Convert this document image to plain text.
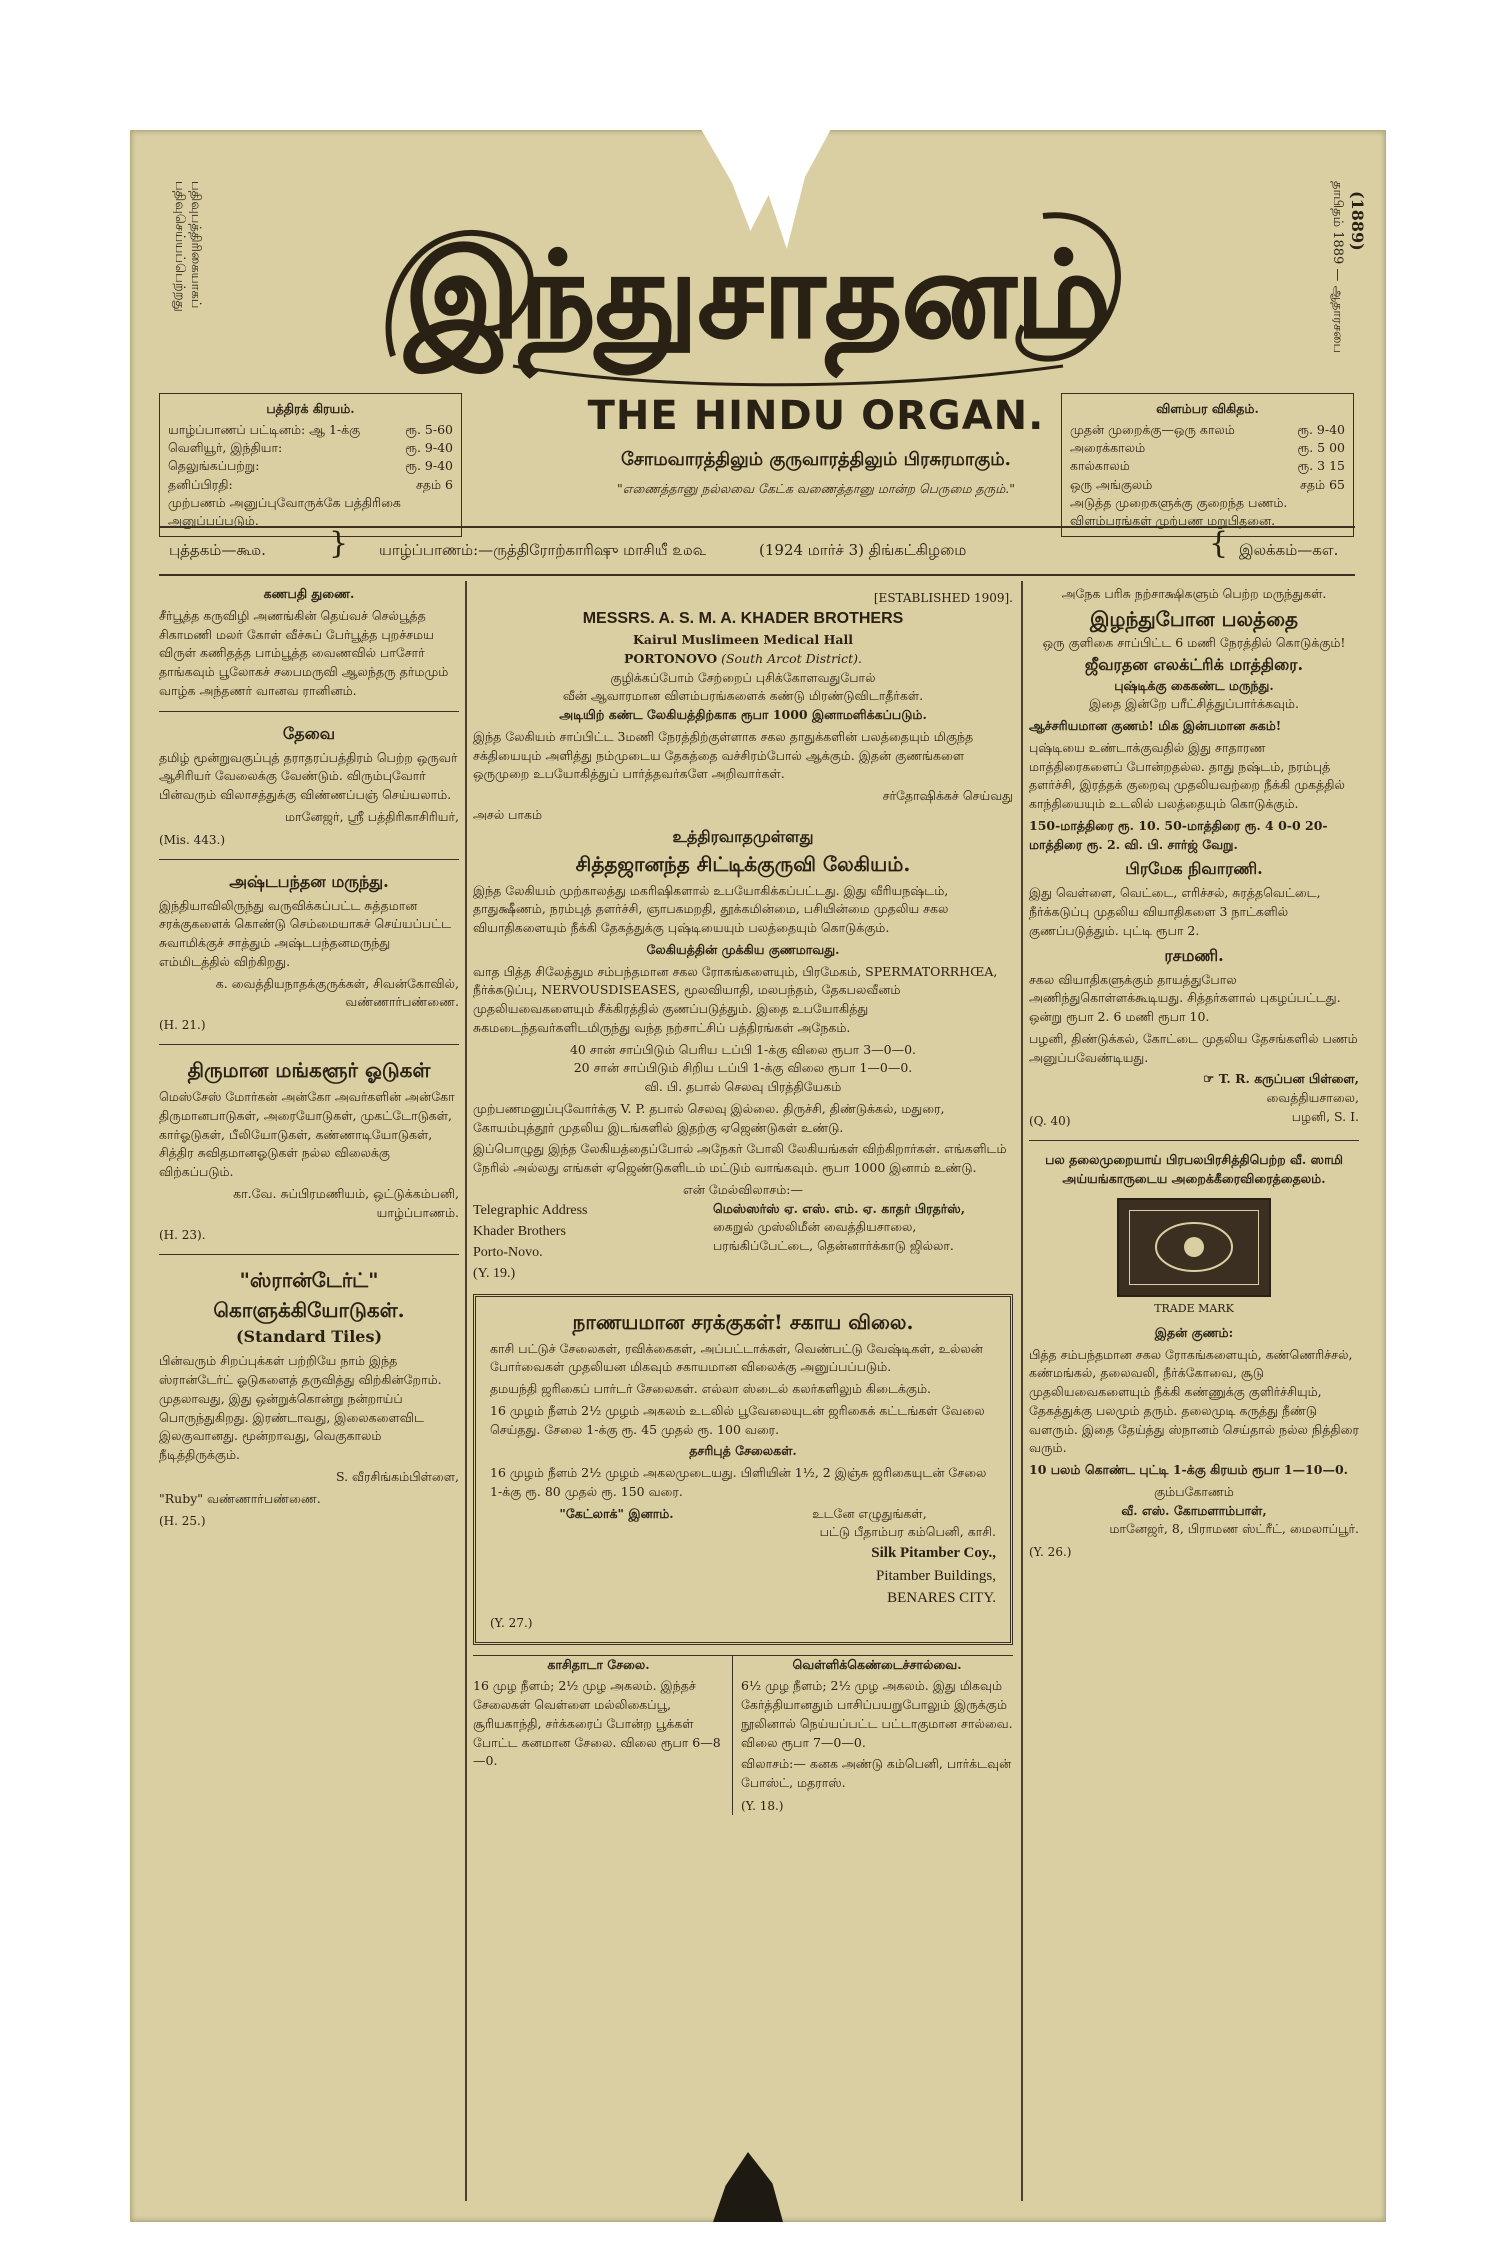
பதிவுபத்திரிகையாகப் பதிவுசெய்யப்பெற்றது	தாபிதம் 1889 — ஆதாரசபை (1889)
இந்துசாதனம்
பத்திரக் கிரயம்.
யாழ்ப்பாணப் பட்டினம்: ஆ 1-க்கு	ரூ. 5-60
வெளியூர், இந்தியா:	ரூ. 9-40
தெலுங்கப்பற்று:	ரூ. 9-40
தனிப்பிரதி:	சதம் 6
முற்பணம் அனுப்புவோருக்கே பத்திரிகை அனுப்பப்படும்.
THE HINDU ORGAN.
சோமவாரத்திலும் குருவாரத்திலும் பிரசுரமாகும்.
"எணைத்தானு நல்லவை கேட்க வணைத்தானு மான்ற பெருமை தரும்."
விளம்பர விகிதம்.
முதன் முறைக்கு—ஒரு காலம்	ரூ. 9-40
அரைக்காலம்	ரூ. 5 00
கால்காலம்	ரூ. 3 15
ஒரு அங்குலம்	சதம் 65
அடுத்த முறைகளுக்கு குறைந்த பணம். விளம்பரங்கள் முற்பண மறுபிதனை.
புத்தகம்—கூ௰. } யாழ்ப்பாணம்:—ருத்திரோற்காரிஷு மாசியீ ௨௰௳	(1924 மார்ச் 3) திங்கட்கிழமை	{ இலக்கம்—கஎ.
கணபதி துணை.

சீர்பூத்த கருவிழி அணங்கின் தெய்வச் செல்பூத்த சிகாமணி மலர் கோள் வீச்சுப் பேர்பூத்த புறச்சமய விருள் கணிதத்த பாம்பூத்த வைணவில் பாசோர் தாங்கவும் பூலோகச் சபைமருவி ஆலந்தரு தர்மமும் வாழ்க அந்தணர் வானவ ரானினம்.

தேவை

தமிழ் மூன்றுவகுப்புத் தராதரப்பத்திரம் பெற்ற ஒருவர் ஆசிரியர் வேலைக்கு வேண்டும். விரும்புவோர் பின்வரும் விலாசத்துக்கு விண்ணப்பஞ் செய்யலாம்.

மானேஜர், ஸ்ரீ பத்திரிகாசிரியர்,

(Mis. 443.)
அஷ்டபந்தன மருந்து.

இந்தியாவிலிருந்து வருவிக்கப்பட்ட சுத்தமான சரக்குகளைக் கொண்டு செம்மையாகச் செய்யப்பட்ட சுவாமிக்குச் சாத்தும் அஷ்டபந்தனமருந்து எம்மிடத்தில் விற்கிறது.

க. வைத்தியநாதக்குருக்கள், சிவன்கோவில், வண்ணார்பண்ணை.

(H. 21.)
திருமான மங்களூர் ஓடுகள்

மெஸ்சேஸ் மோர்கன் அன்கோ அவர்களின் அன்கோ திருமானபாடுகள், அரையோடுகள், முகட்டோடுகள், கார்ஓடுகள், பீலியோடுகள், கண்ணாடியோடுகள், சித்திர சுவிதமானஓடுகள் நல்ல விலைக்கு விற்கப்படும்.

கா.வே. சுப்பிரமணியம், ஒட்டுக்கம்பனி, யாழ்ப்பாணம்.

(H. 23).
"ஸ்ரான்டேர்ட்" கொளுக்கியோடுகள்.
(Standard Tiles)

பின்வரும் சிறப்புக்கள் பற்றியே நாம் இந்த ஸ்ரான்டேர்ட் ஓடுகளைத் தருவித்து விற்கின்றோம். முதலாவது, இது ஒன்றுக்கொன்று நன்றாய்ப் பொருந்துகிறது. இரண்டாவது, இலைகளைவிட இலகுவானது. மூன்றாவது, வெகுகாலம் நீடித்திருக்கும்.

S. வீரசிங்கம்பிள்ளை,

"Ruby" வண்ணார்பண்ணை.

(H. 25.)
[ESTABLISHED 1909].
MESSRS. A. S. M. A. KHADER BROTHERS
Kairul Muslimeen Medical Hall
PORTONOVO (South Arcot District).
குழிக்கப்போம் சேற்றைப் புசிக்கோளவதுபோல்
வீன் ஆவாரமான விளம்பரங்களைக் கண்டு மிரண்டுவிடாதீர்கள்.
அடியிற் கண்ட லேகியத்திற்காக ரூபா 1000 இனாமளிக்கப்படும்.

இந்த லேகியம் சாப்பிட்ட 3மணி நேரத்திற்குள்ளாக சகல தாதுக்களின் பலத்தையும் மிகுந்த சக்தியையும் அளித்து நம்முடைய தேகத்தை வச்சிரம்போல் ஆக்கும். இதன் குணங்களை ஒருமுறை உபயோகித்துப் பார்த்தவர்களே அறிவார்கள்.

சர்தோஷிக்கச் செய்வது
அசல் பாகம்
உத்திரவாதமுள்ளது
சித்தஜானந்த சிட்டிக்குருவி லேகியம்.

இந்த லேகியம் முற்காலத்து மகரிஷிகளால் உபயோகிக்கப்பட்டது. இது வீரியநஷ்டம், தாதுக்ஷீணம், நரம்புத் தளர்ச்சி, ஞாபகமறதி, தூக்கமின்மை, பசியின்மை முதலிய சகல வியாதிகளையும் நீக்கி தேகத்துக்கு புஷ்டியையும் பலத்தையும் கொடுக்கும்.

லேகியத்தின் முக்கிய குணமாவது.

வாத பித்த சிலேத்தும சம்பந்தமான சகல ரோகங்களையும், பிரமேகம், SPERMATORRHŒA, நீர்க்கடுப்பு, NERVOUSDISEASES, மூலவியாதி, மலபந்தம், தேகபலவீனம் முதலியவைகளையும் சீக்கிரத்தில் குணப்படுத்தும். இதை உபயோகித்து சுகமடைந்தவர்களிடமிருந்து வந்த நற்சாட்சிப் பத்திரங்கள் அநேகம்.

40 சான் சாப்பிடும் பெரிய டப்பி 1-க்கு விலை ரூபா 3—0—0.
20 சான் சாப்பிடும் சிறிய டப்பி 1-க்கு விலை ரூபா 1—0—0.
வி. பி. தபால் செலவு பிரத்தியேகம்

முற்பணமனுப்புவோர்க்கு V. P. தபால் செலவு இல்லை. திருச்சி, திண்டுக்கல், மதுரை, கோயம்புத்தூர் முதலிய இடங்களில் இதற்கு ஏஜெண்டுகள் உண்டு.

இப்பொழுது இந்த லேகியத்தைப்போல் அநேகர் போலி லேகியங்கள் விற்கிறார்கள். எங்களிடம் நேரில் அல்லது எங்கள் ஏஜெண்டுகளிடம் மட்டும் வாங்கவும். ரூபா 1000 இனாம் உண்டு.

என் மேல்விலாசம்:—
Telegraphic Address
Khader Brothers
Porto-Novo.
(Y. 19.)
மெஸ்ஸர்ஸ் ஏ. எஸ். எம். ஏ. காதர் பிரதர்ஸ்,
கைறுல் முஸ்லிமீன் வைத்தியசாலை,
பரங்கிப்பேட்டை, தென்னார்க்காடு ஜில்லா.
நாணயமான சரக்குகள்! சகாய விலை.

காசி பட்டுச் சேலைகள், ரவிக்கைகள், அப்பட்டாக்கள், வெண்பட்டு வேஷ்டிகள், உல்லன் போர்வைகள் முதலியன மிகவும் சகாயமான விலைக்கு அனுப்பப்படும்.

தமயந்தி ஜரிகைப் பார்டர் சேலைகள். எல்லா ஸ்டைல் கலர்களிலும் கிடைக்கும்.

16 முழம் நீளம் 2½ முழம் அகலம் உடலில் பூவேலையுடன் ஜரிகைக் கட்டங்கள் வேலை செய்தது. சேலை 1-க்கு ரூ. 45 முதல் ரூ. 100 வரை.

தசரிபுத் சேலைகள்.

16 முழம் நீளம் 2½ முழம் அகலமுடையது. பிளியின் 1½, 2 இஞ்சு ஜரிகையுடன் சேலை 1-க்கு ரூ. 80 முதல் ரூ. 150 வரை.

"கேட்லாக்" இனாம்.	உடனே எழுதுங்கள்,
பட்டு பீதாம்பர கம்பெனி, காசி.
Silk Pitamber Coy.,
Pitamber Buildings,
BENARES CITY.
(Y. 27.)
காசிதாடா சேலை.

16 முழ நீளம்; 2½ முழ அகலம். இந்தச் சேலைகள் வெள்ளை மல்லிகைப்பூ, சூரியகாந்தி, சர்க்கரைப் போன்ற பூக்கள் போட்ட கனமான சேலை. விலை ரூபா 6—8—0.

வெள்ளிக்கெண்டைச்சால்வை.

6½ முழ நீளம்; 2½ முழ அகலம். இது மிகவும் கேர்த்தியானதும் பாசிப்பயறுபோலும் இருக்கும் நூலினால் நெய்யப்பட்ட பட்டாகுமான சால்வை. விலை ரூபா 7—0—0.

விலாசம்:— கனக அண்டு கம்பெனி, பார்க்டவுன் போஸ்ட், மதராஸ்.

(Y. 18.)
அநேக பரிசு நற்சாக்ஷிகளும் பெற்ற மருந்துகள்.
இழந்துபோன பலத்தை
ஒரு குளிகை சாப்பிட்ட 6 மணி நேரத்தில் கொடுக்கும்!
ஜீவரதன எலக்ட்ரிக் மாத்திரை.
புஷ்டிக்கு கைகண்ட மருந்து.
இதை இன்றே பரீட்சித்துப்பார்க்கவும்.

ஆச்சரியமான குணம்! மிக இன்பமான சுகம்!

புஷ்டியை உண்டாக்குவதில் இது சாதாரண மாத்திரைகளைப் போன்றதல்ல. தாது நஷ்டம், நரம்புத் தளர்ச்சி, இரத்தக் குறைவு முதலியவற்றை நீக்கி முகத்தில் காந்தியையும் உடலில் பலத்தையும் கொடுக்கும்.

150-மாத்திரை ரூ. 10. 50-மாத்திரை ரூ. 4 0-0 20-மாத்திரை ரூ. 2. வி. பி. சார்ஜ் வேறு.

பிரமேக நிவாரணி.

இது வெள்ளை, வெட்டை, எரிச்சல், சுரத்தவெட்டை, நீர்க்கடுப்பு முதலிய வியாதிகளை 3 நாட்களில் குணப்படுத்தும். புட்டி ரூபா 2.

ரசமணி.

சகல வியாதிகளுக்கும் தாயத்துபோல அணிந்துகொள்ளக்கூடியது. சித்தர்களால் புகழப்பட்டது. ஒன்று ரூபா 2. 6 மணி ரூபா 10.

பழனி, திண்டுக்கல், கோட்டை முதலிய தேசங்களில் பணம் அனுப்பவேண்டியது.

☞ T. R. கருப்பன பிள்ளை,
வைத்தியசாலை,
(Q. 40)	பழனி, S. I.
பல தலைமுறையாய் பிரபலபிரசித்திபெற்ற வீ. ஸாமி அய்யங்காருடைய அறைக்கீரைவிரைத்தைலம்.
TRADE MARK
இதன் குணம்:

பித்த சம்பந்தமான சகல ரோகங்களையும், கண்ணெரிச்சல், கண்மங்கல், தலைவலி, நீர்க்கோவை, சூடு முதலியவைகளையும் நீக்கி கண்ணுக்கு குளிர்ச்சியும், தேகத்துக்கு பலமும் தரும். தலைமுடி கருத்து நீண்டு வளரும். இதை தேய்த்து ஸ்நானம் செய்தால் நல்ல நித்திரை வரும்.

10 பலம் கொண்ட புட்டி 1-க்கு கிரயம் ரூபா 1—10—0.

கும்பகோணம்
வீ. எஸ். கோமளாம்பாள்,
மானேஜர், 8, பிராமண ஸ்ட்ரீட், மைலாப்பூர்.
(Y. 26.)
